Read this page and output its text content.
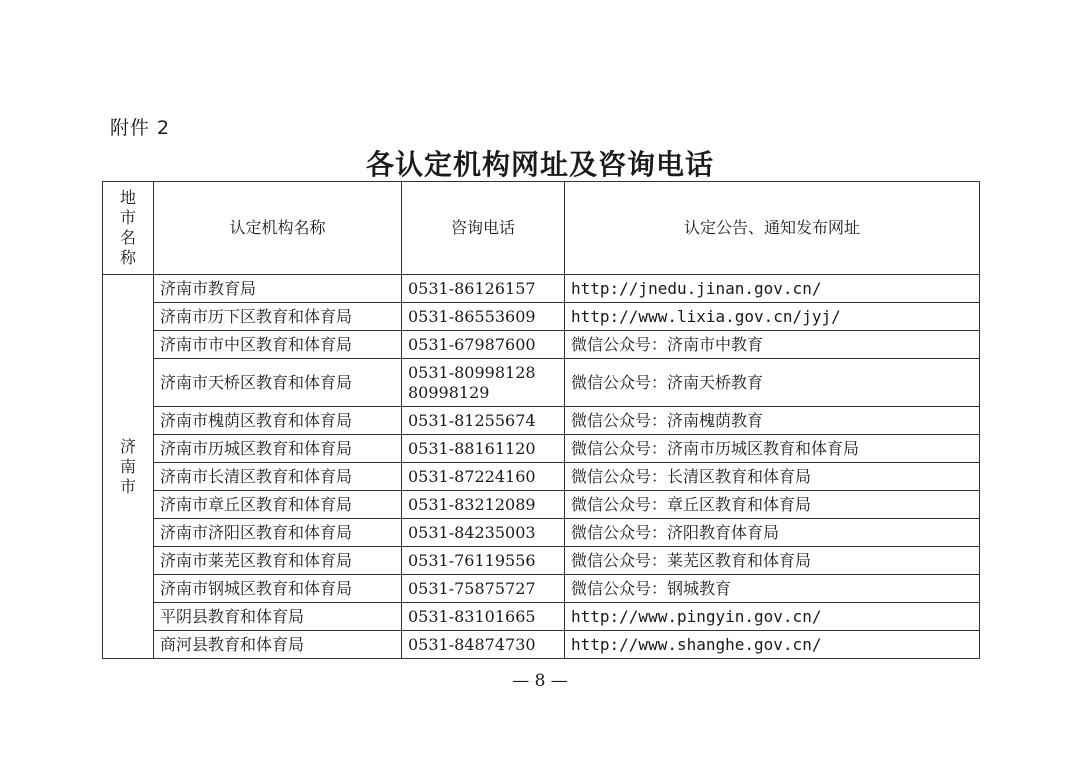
附件 2
各认定机构网址及咨询电话
地
市
名
称	认定机构名称	咨询电话	认定公告、通知发布网址

济
南
市	济南市教育局	0531-86126157	http://jnedu.jinan.gov.cn/
	济南市历下区教育和体育局	0531-86553609	http://www.lixia.gov.cn/jyj/
	济南市市中区教育和体育局	0531-67987600	微信公众号：济南市中教育
	济南市天桥区教育和体育局	0531-80998128
80998129	微信公众号：济南天桥教育
	济南市槐荫区教育和体育局	0531-81255674	微信公众号：济南槐荫教育
	济南市历城区教育和体育局	0531-88161120	微信公众号：济南市历城区教育和体育局
	济南市长清区教育和体育局	0531-87224160	微信公众号：长清区教育和体育局
	济南市章丘区教育和体育局	0531-83212089	微信公众号：章丘区教育和体育局
	济南市济阳区教育和体育局	0531-84235003	微信公众号：济阳教育体育局
	济南市莱芜区教育和体育局	0531-76119556	微信公众号：莱芜区教育和体育局
	济南市钢城区教育和体育局	0531-75875727	微信公众号：钢城教育
	平阴县教育和体育局	0531-83101665	http://www.pingyin.gov.cn/
	商河县教育和体育局	0531-84874730	http://www.shanghe.gov.cn/
— 8 —
